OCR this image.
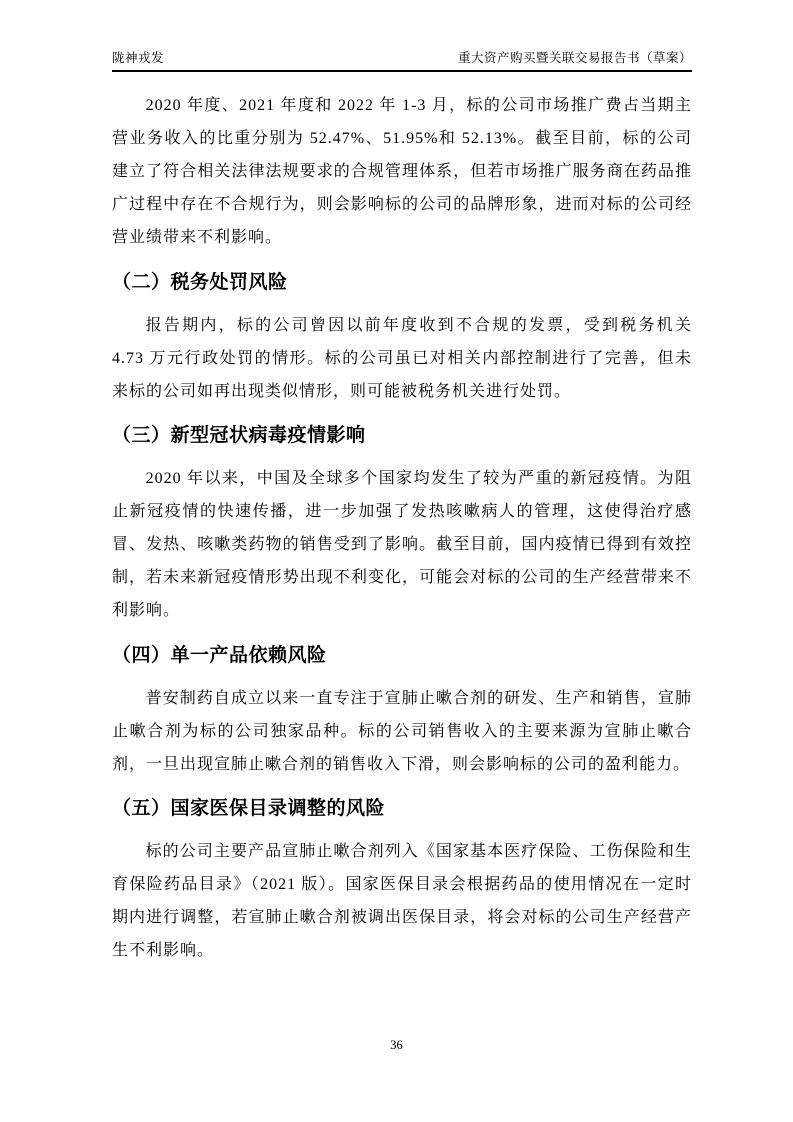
陇神戎发	重大资产购买暨关联交易报告书（草案）

2020 年度、2021 年度和 2022 年 1-3 月，标的公司市场推广费占当期主营业务收入的比重分别为 52.47%、51.95%和 52.13%。截至目前，标的公司建立了符合相关法律法规要求的合规管理体系，但若市场推广服务商在药品推广过程中存在不合规行为，则会影响标的公司的品牌形象，进而对标的公司经营业绩带来不利影响。

（二）税务处罚风险

报告期内，标的公司曾因以前年度收到不合规的发票，受到税务机关 4.73 万元行政处罚的情形。标的公司虽已对相关内部控制进行了完善，但未来标的公司如再出现类似情形，则可能被税务机关进行处罚。

（三）新型冠状病毒疫情影响

2020 年以来，中国及全球多个国家均发生了较为严重的新冠疫情。为阻止新冠疫情的快速传播，进一步加强了发热咳嗽病人的管理，这使得治疗感冒、发热、咳嗽类药物的销售受到了影响。截至目前，国内疫情已得到有效控制，若未来新冠疫情形势出现不利变化，可能会对标的公司的生产经营带来不利影响。

（四）单一产品依赖风险

普安制药自成立以来一直专注于宣肺止嗽合剂的研发、生产和销售，宣肺止嗽合剂为标的公司独家品种。标的公司销售收入的主要来源为宣肺止嗽合剂，一旦出现宣肺止嗽合剂的销售收入下滑，则会影响标的公司的盈利能力。

（五）国家医保目录调整的风险

标的公司主要产品宣肺止嗽合剂列入《国家基本医疗保险、工伤保险和生育保险药品目录》（2021 版）。国家医保目录会根据药品的使用情况在一定时期内进行调整，若宣肺止嗽合剂被调出医保目录，将会对标的公司生产经营产生不利影响。

36
